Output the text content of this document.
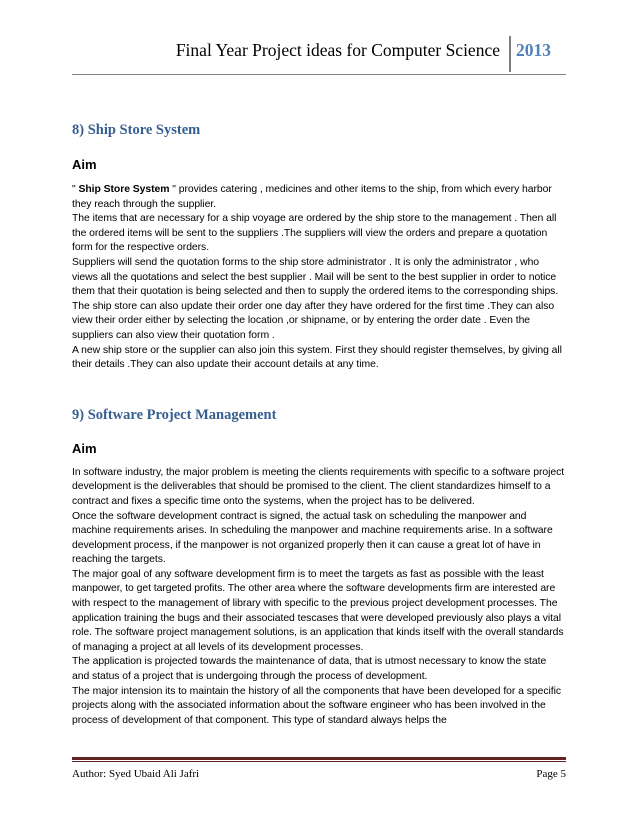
Final Year Project ideas for Computer Science 2013
8) Ship Store System
Aim

" Ship Store System " provides catering , medicines and other items to the ship, from which every harbor they reach through the supplier.

The items that are necessary for a ship voyage are ordered by the ship store to the management . Then all the ordered items will be sent to the suppliers .The suppliers will view the orders and prepare a quotation form for the respective orders.

Suppliers will send the quotation forms to the ship store administrator . It is only the administrator , who views all the quotations and select the best supplier . Mail will be sent to the best supplier in order to notice them that their quotation is being selected and then to supply the ordered items to the corresponding ships.

The ship store can also update their order one day after they have ordered for the first time .They can also view their order either by selecting the location ,or shipname, or by entering the order date . Even the suppliers can also view their quotation form .

A new ship store or the supplier can also join this system. First they should register themselves, by giving all their details .They can also update their account details at any time.

9) Software Project Management
Aim

In software industry, the major problem is meeting the clients requirements with specific to a software project development is the deliverables that should be promised to the client. The client standardizes himself to a contract and fixes a specific time onto the systems, when the project has to be delivered.

Once the software development contract is signed, the actual task on scheduling the manpower and machine requirements arises. In scheduling the manpower and machine requirements arise. In a software development process, if the manpower is not organized properly then it can cause a great lot of have in reaching the targets.

The major goal of any software development firm is to meet the targets as fast as possible with the least manpower, to get targeted profits. The other area where the software developments firm are interested are with respect to the management of library with specific to the previous project development processes. The application training the bugs and their associated tescases that were developed previously also plays a vital role. The software project management solutions, is an application that kinds itself with the overall standards of managing a project at all levels of its development processes.

The application is projected towards the maintenance of data, that is utmost necessary to know the state and status of a project that is undergoing through the process of development.

The major intension its to maintain the history of all the components that have been developed for a specific projects along with the associated information about the software engineer who has been involved in the process of development of that component. This type of standard always helps the

Author: Syed Ubaid Ali Jafri	Page 5
